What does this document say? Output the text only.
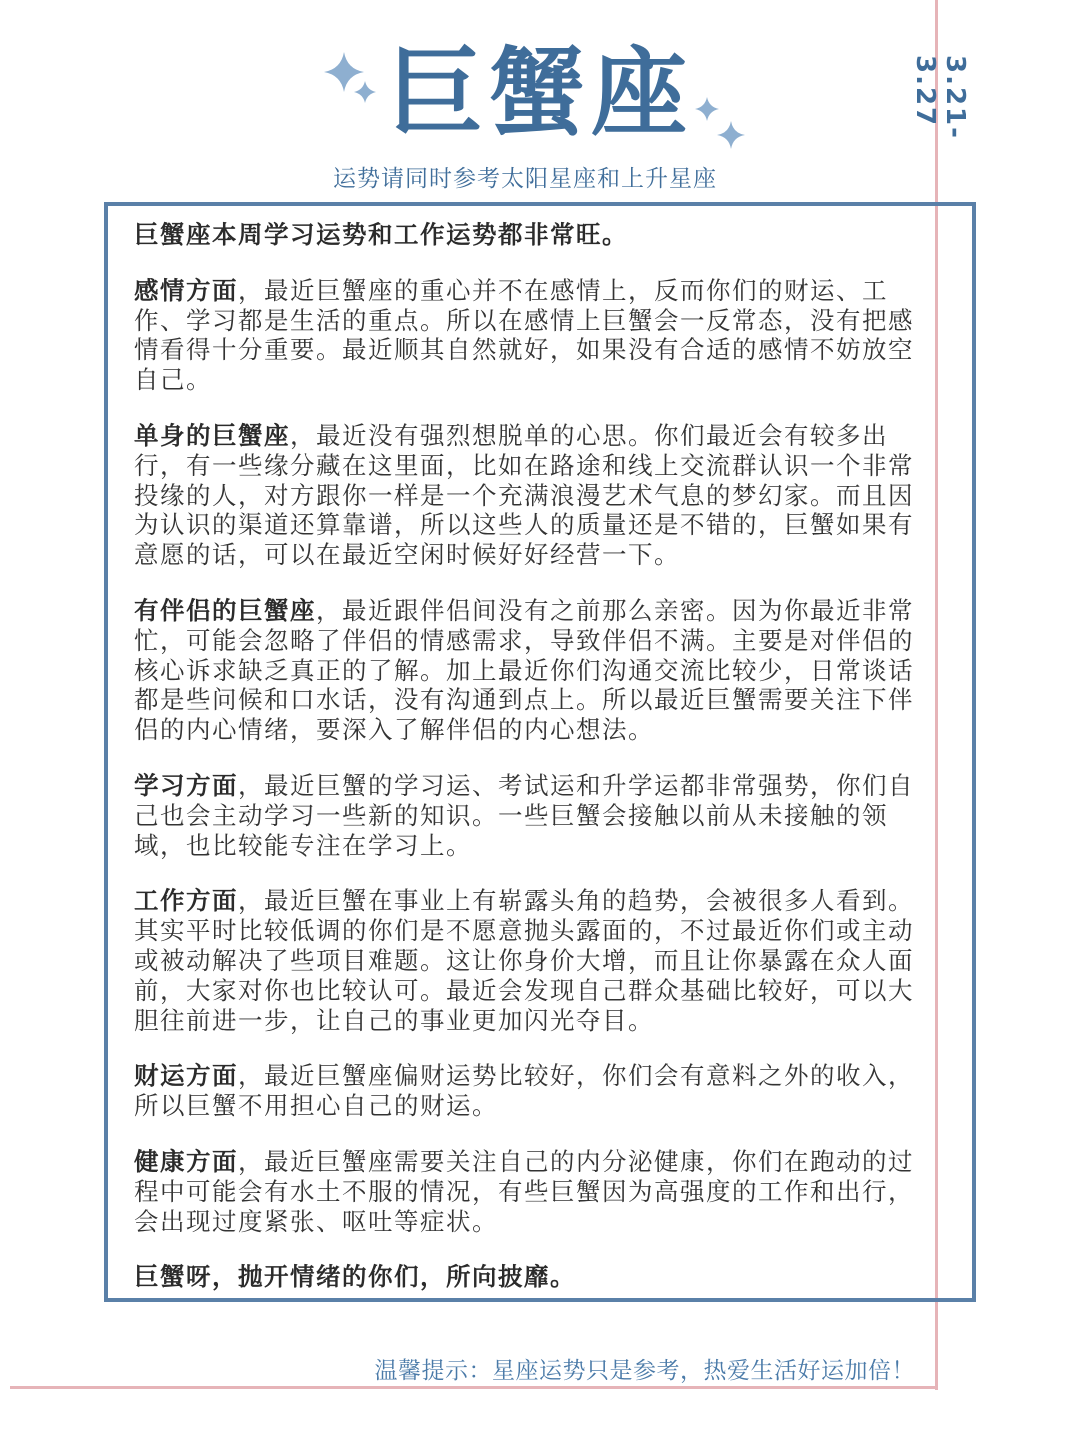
巨蟹座
运势请同时参考太阳星座和上升星座
3.21-3.27

巨蟹座本周学习运势和工作运势都非常旺。

感情方面，最近巨蟹座的重心并不在感情上，反而你们的财运、工作、学习都是生活的重点。所以在感情上巨蟹会一反常态，没有把感情看得十分重要。最近顺其自然就好，如果没有合适的感情不妨放空自己。

单身的巨蟹座，最近没有强烈想脱单的心思。你们最近会有较多出行，有一些缘分藏在这里面，比如在路途和线上交流群认识一个非常投缘的人，对方跟你一样是一个充满浪漫艺术气息的梦幻家。而且因为认识的渠道还算靠谱，所以这些人的质量还是不错的，巨蟹如果有意愿的话，可以在最近空闲时候好好经营一下。

有伴侣的巨蟹座，最近跟伴侣间没有之前那么亲密。因为你最近非常忙，可能会忽略了伴侣的情感需求，导致伴侣不满。主要是对伴侣的核心诉求缺乏真正的了解。加上最近你们沟通交流比较少，日常谈话都是些问候和口水话，没有沟通到点上。所以最近巨蟹需要关注下伴侣的内心情绪，要深入了解伴侣的内心想法。

学习方面，最近巨蟹的学习运、考试运和升学运都非常强势，你们自己也会主动学习一些新的知识。一些巨蟹会接触以前从未接触的领域，也比较能专注在学习上。

工作方面，最近巨蟹在事业上有崭露头角的趋势，会被很多人看到。其实平时比较低调的你们是不愿意抛头露面的，不过最近你们或主动或被动解决了些项目难题。这让你身价大增，而且让你暴露在众人面前，大家对你也比较认可。最近会发现自己群众基础比较好，可以大胆往前进一步，让自己的事业更加闪光夺目。

财运方面，最近巨蟹座偏财运势比较好，你们会有意料之外的收入，所以巨蟹不用担心自己的财运。

健康方面，最近巨蟹座需要关注自己的内分泌健康，你们在跑动的过程中可能会有水土不服的情况，有些巨蟹因为高强度的工作和出行，会出现过度紧张、呕吐等症状。

巨蟹呀，抛开情绪的你们，所向披靡。

温馨提示：星座运势只是参考，热爱生活好运加倍！
